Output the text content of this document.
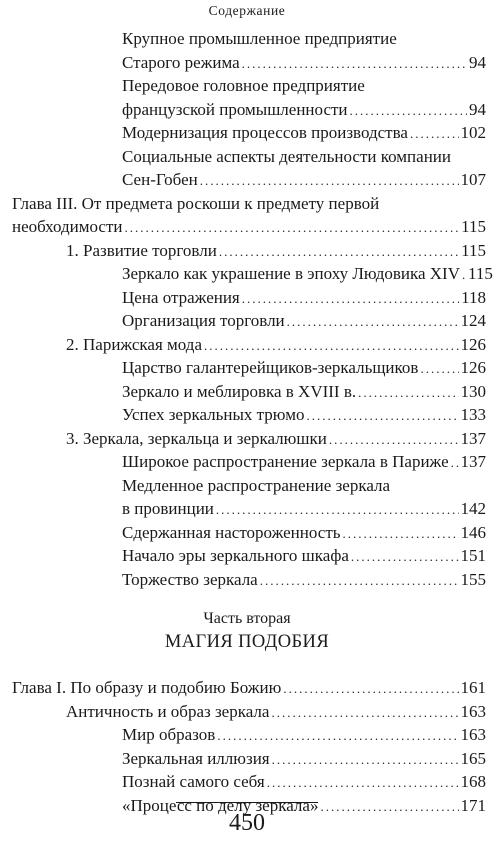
Содержание
Крупное промышленное предприятие
Старого режима .....	94
Передовое головное предприятие
французской промышленности .....	94
Модернизация процессов производства .....	102
Социальные аспекты деятельности компании
Сен-Гобен .....	107
Глава III. От предмета роскоши к предмету первой
необходимости .....	115
1. Развитие торговли .....	115
Зеркало как украшение в эпоху Людовика XIV ..... 115
Цена отражения .....	118
Организация торговли .....	124
2. Парижская мода .....	126
Царство галантерейщиков-зеркальщиков ..... 126
Зеркало и меблировка в XVIII в. .....	130
Успех зеркальных трюмо .....	133
3. Зеркала, зеркальца и зеркалюшки .....	137
Широкое распространение зеркала в Париже ..... 137
Медленное распространение зеркала
в провинции .....	142
Сдержанная настороженность .....	146
Начало эры зеркального шкафа .....	151
Торжество зеркала .....	155
Часть вторая
МАГИЯ ПОДОБИЯ
Глава I. По образу и подобию Божию .....	161
Античность и образ зеркала .....	163
Мир образов .....	163
Зеркальная иллюзия .....	165
Познай самого себя .....	168
«Процесс по делу зеркала» .....	171
450
